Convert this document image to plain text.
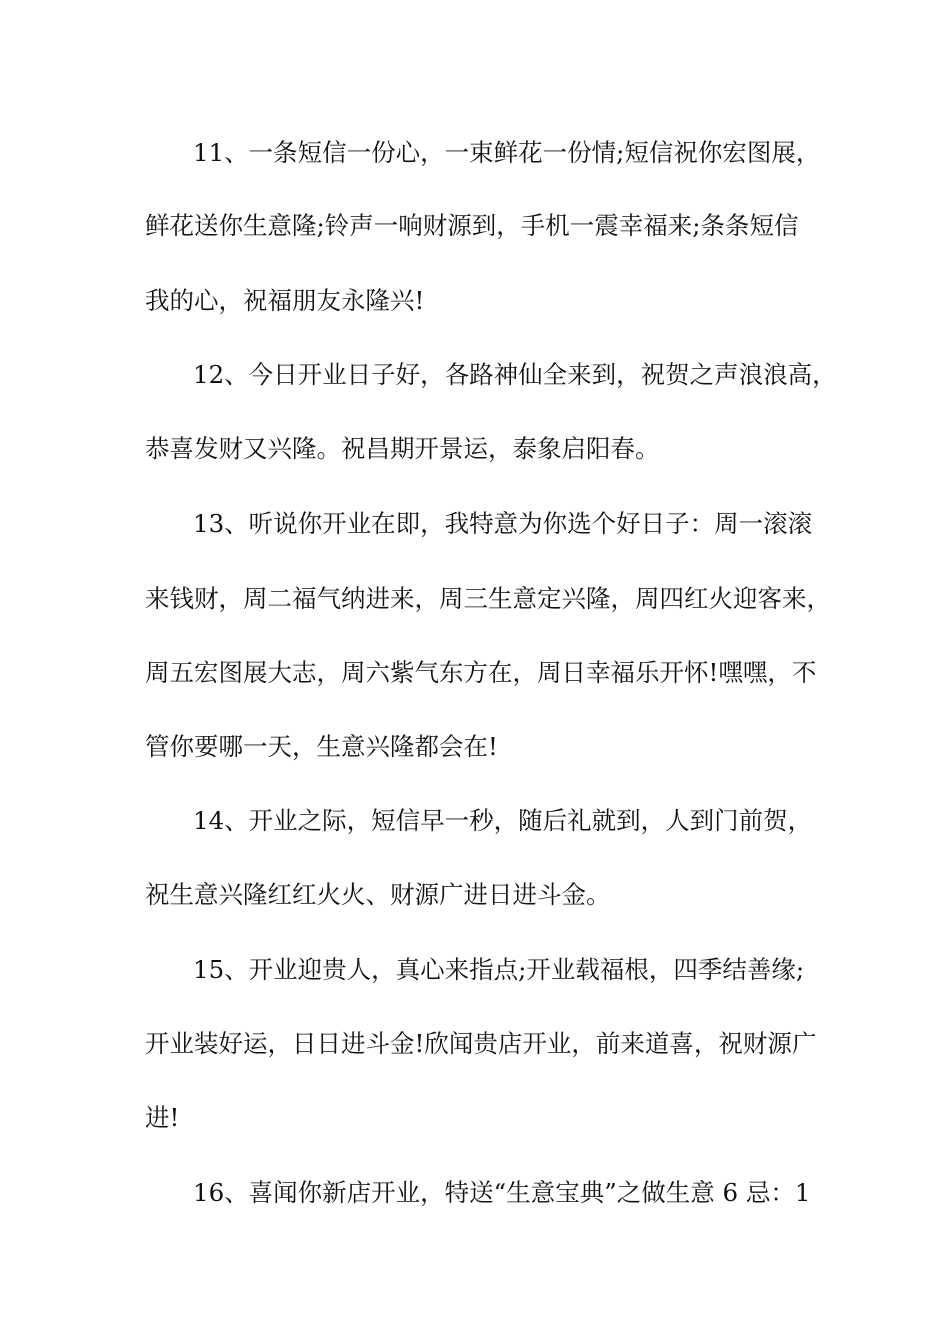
11、一条短信一份心，一束鲜花一份情;短信祝你宏图展，
鲜花送你生意隆;铃声一响财源到，手机一震幸福来;条条短信
我的心，祝福朋友永隆兴!
12、今日开业日子好，各路神仙全来到，祝贺之声浪浪高，
恭喜发财又兴隆。祝昌期开景运，泰象启阳春。
13、听说你开业在即，我特意为你选个好日子：周一滚滚
来钱财，周二福气纳进来，周三生意定兴隆，周四红火迎客来，
周五宏图展大志，周六紫气东方在，周日幸福乐开怀!嘿嘿，不
管你要哪一天，生意兴隆都会在!
14、开业之际，短信早一秒，随后礼就到，人到门前贺，
祝生意兴隆红红火火、财源广进日进斗金。
15、开业迎贵人，真心来指点;开业载福根，四季结善缘;
开业装好运，日日进斗金!欣闻贵店开业，前来道喜，祝财源广
进!
16、喜闻你新店开业，特送“生意宝典”之做生意 6 忌：1
